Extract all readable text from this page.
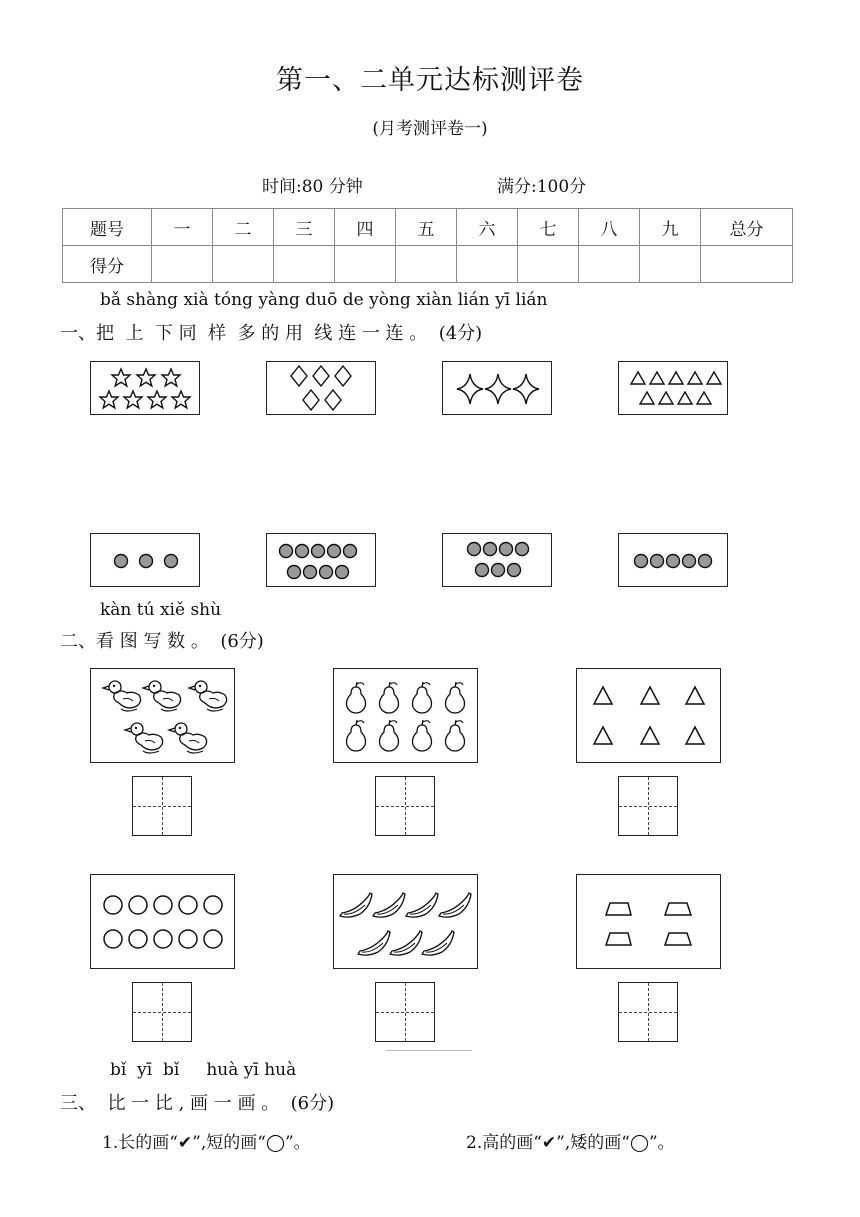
第一、二单元达标测评卷
(月考测评卷一)
时间:80 分钟	满分:100分
题号	一	二	三	四	五	六	七	八	九	总分
得分										
bǎ shàng xià tóng yàng duō de yòng xiàn lián yī lián
一、把  上  下 同  样  多 的 用  线 连 一 连 。  (4分)
kàn tú xiě shù
二、看 图 写 数 。  (6分)
bǐ  yī  bǐ     huà yī huà
三、  比 一 比 , 画 一 画 。  (6分)
1.长的画“✔”,短的画“◯”。	2.高的画“✔”,矮的画“◯”。
